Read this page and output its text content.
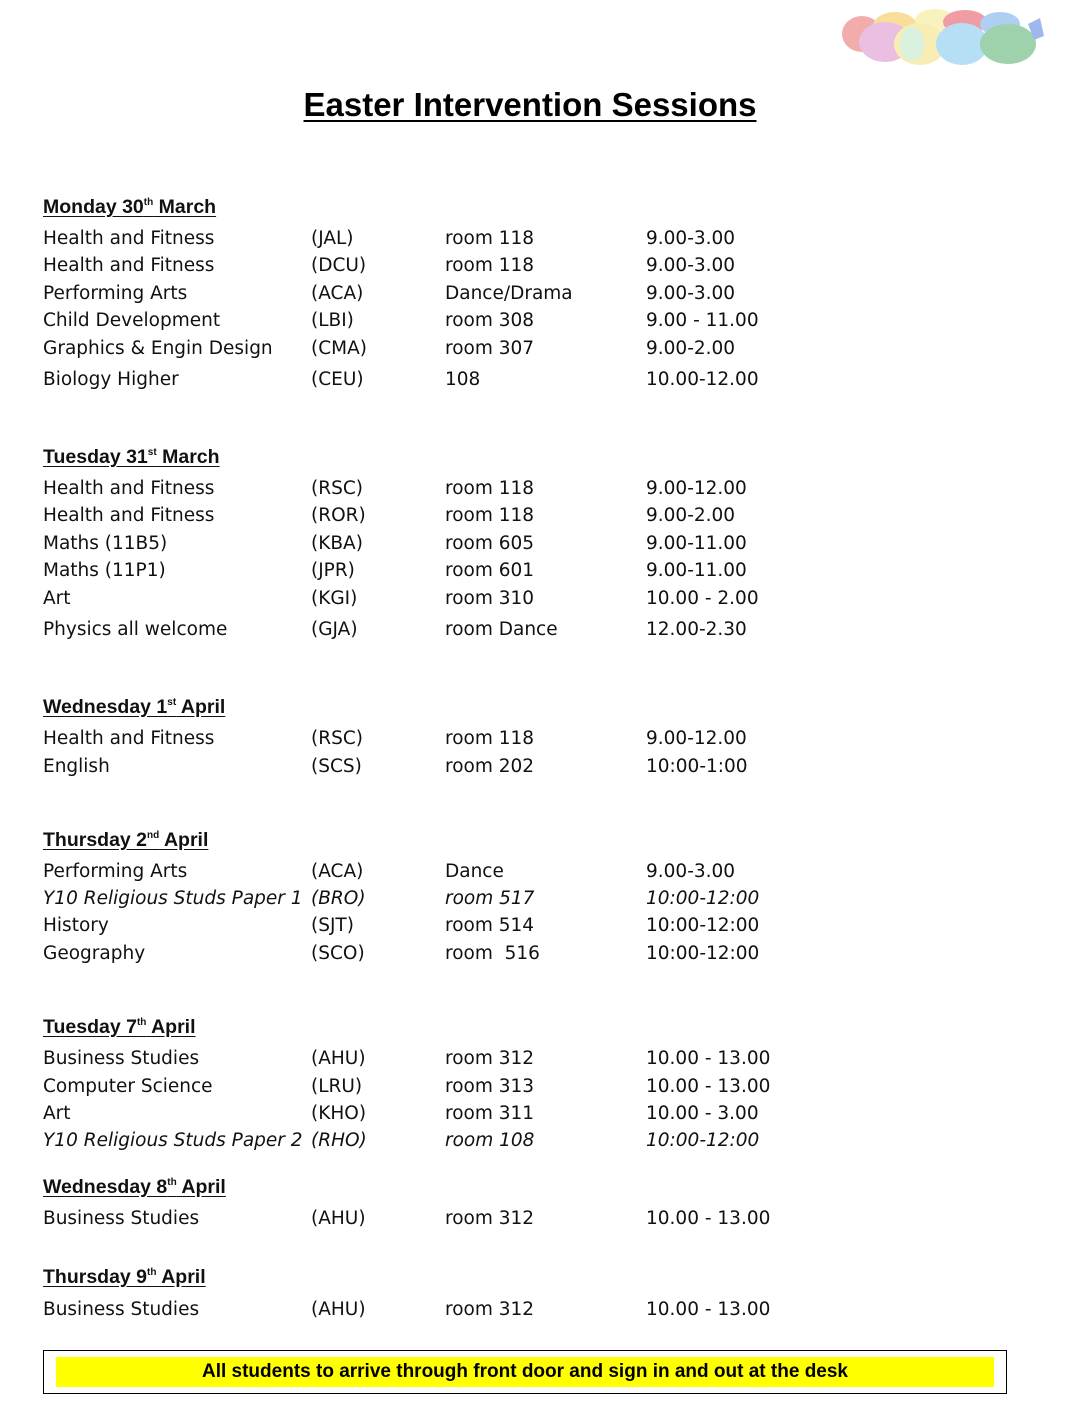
Easter Intervention Sessions
Monday 30th March
Health and Fitness	(JAL)	room 118	9.00-3.00
Health and Fitness	(DCU)	room 118	9.00-3.00
Performing Arts	(ACA)	Dance/Drama	9.00-3.00
Child Development	(LBI)	room 308	9.00 - 11.00
Graphics & Engin Design (CMA)	room 307	9.00-2.00
Biology Higher	(CEU)	108	10.00-12.00
Tuesday 31st March
Health and Fitness	(RSC)	room 118	9.00-12.00
Health and Fitness	(ROR)	room 118	9.00-2.00
Maths (11B5)	(KBA)	room 605	9.00-11.00
Maths (11P1)	(JPR)	room 601	9.00-11.00
Art	(KGI)	room 310	10.00 - 2.00
Physics all welcome	(GJA)	room Dance	12.00-2.30
Wednesday 1st April
Health and Fitness	(RSC)	room 118	9.00-12.00
English	(SCS)	room 202	10:00-1:00
Thursday 2nd April
Performing Arts	(ACA)	Dance	9.00-3.00
Y10 Religious Studs Paper 1 (BRO)	room 517	10:00-12:00
History	(SJT)	room 514	10:00-12:00
Geography	(SCO)	room  516	10:00-12:00
Tuesday 7th April
Business Studies	(AHU)	room 312	10.00 - 13.00
Computer Science	(LRU)	room 313	10.00 - 13.00
Art	(KHO)	room 311	10.00 - 3.00
Y10 Religious Studs Paper 2 (RHO)	room 108	10:00-12:00
Wednesday 8th April
Business Studies	(AHU)	room 312	10.00 - 13.00
Thursday 9th April
Business Studies	(AHU)	room 312	10.00 - 13.00
All students to arrive through front door and sign in and out at the desk
